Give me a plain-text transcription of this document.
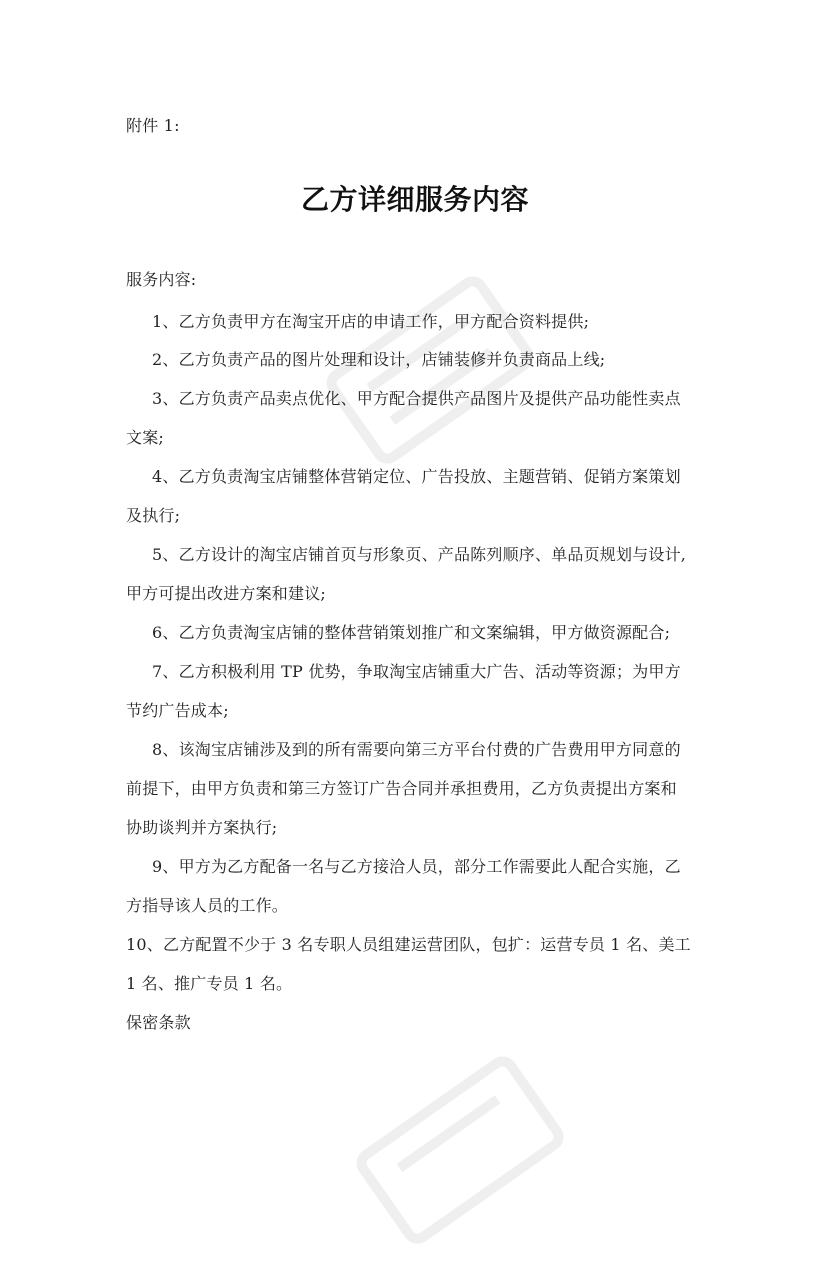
附件 1:
乙方详细服务内容
服务内容:
1、乙方负责甲方在淘宝开店的申请工作，甲方配合资料提供;
2、乙方负责产品的图片处理和设计，店铺装修并负责商品上线;
3、乙方负责产品卖点优化、甲方配合提供产品图片及提供产品功能性卖点
文案;
4、乙方负责淘宝店铺整体营销定位、广告投放、主题营销、促销方案策划
及执行;
5、乙方设计的淘宝店铺首页与形象页、产品陈列顺序、单品页规划与设计,
甲方可提出改进方案和建议;
6、乙方负责淘宝店铺的整体营销策划推广和文案编辑，甲方做资源配合;
7、乙方积极利用 TP 优势，争取淘宝店铺重大广告、活动等资源；为甲方
节约广告成本;
8、该淘宝店铺涉及到的所有需要向第三方平台付费的广告费用甲方同意的
前提下，由甲方负责和第三方签订广告合同并承担费用，乙方负责提出方案和
协助谈判并方案执行;
9、甲方为乙方配备一名与乙方接洽人员，部分工作需要此人配合实施，乙
方指导该人员的工作。
10、乙方配置不少于 3 名专职人员组建运营团队，包扩：运营专员 1 名、美工
1 名、推广专员 1 名。
保密条款
